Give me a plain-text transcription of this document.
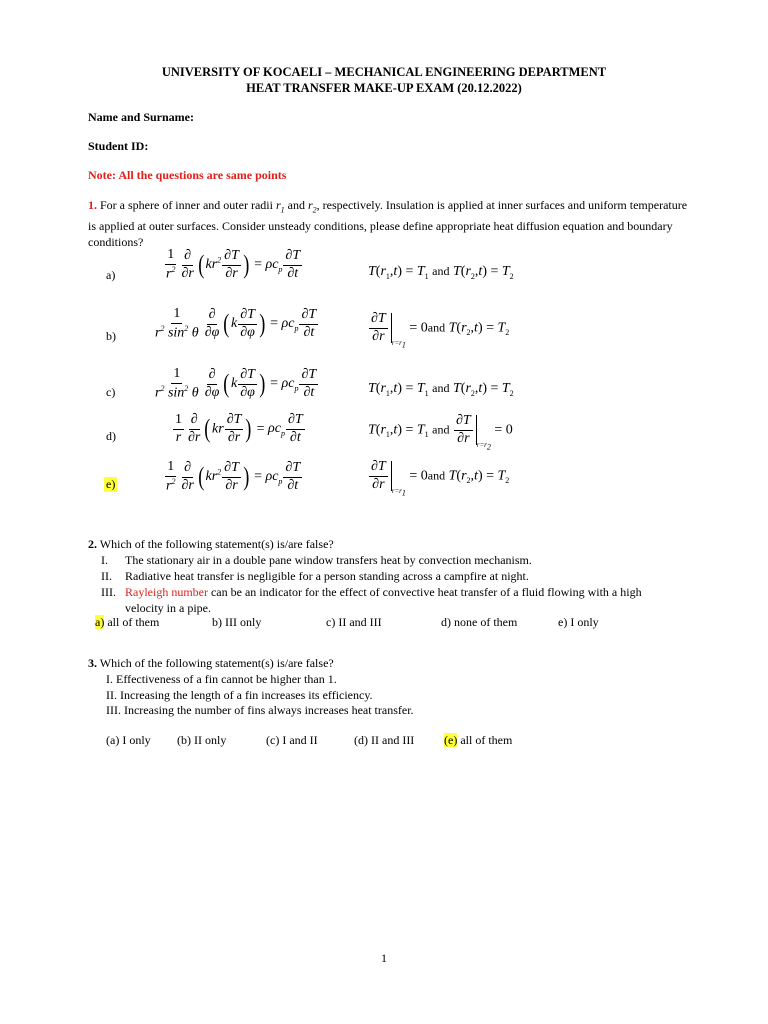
UNIVERSITY OF KOCAELI – MECHANICAL ENGINEERING DEPARTMENT
HEAT TRANSFER MAKE-UP EXAM (20.12.2022)
Name and Surname:
Student ID:
Note: All the questions are same points
1. For a sphere of inner and outer radii $r_1$ and $r_2$, respectively. Insulation is applied at inner surfaces and uniform temperature is applied at outer surfaces. Consider unsteady conditions, please define appropriate heat diffusion equation and boundary conditions?
a)	$\frac{1}{r^2} \frac{\partial}{\partial r} (kr^2 \frac{\partial T}{\partial r}$ ) = $\rho c_p \frac{\partial T}{\partial t}$	$T(r_1,t) = T_1$ and $T(r_2,t) = T_2$
b)	$\frac{1}{r^2 \sin^2 \theta} \frac{\partial}{\partial\varphi} (k \frac{\partial T}{\partial\varphi}$ ) = $\rho c_p \frac{\partial T}{\partial t}$	$\frac{\partial T}{\partial r} _{r=r_1} = 0and$ $T(r_2,t) = T_2$
c)	$\frac{1}{r^2 \sin^2 \theta} \frac{\partial}{\partial\varphi} (k \frac{\partial T}{\partial\varphi}$ ) = $\rho c_p \frac{\partial T}{\partial t}$	$T(r_1,t) = T_1$ and $T(r_2,t) = T_2$
d)	$\frac{1}{r} \frac{\partial}{\partial r} (kr \frac{\partial T}{\partial r}$ ) = $\rho c_p \frac{\partial T}{\partial t}$	$T(r_1,t) = T_1$ and $\frac{\partial T}{\partial r} _{r=r_2} = 0$
e)	$\frac{1}{r^2} \frac{\partial}{\partial r} (kr^2 \frac{\partial T}{\partial r}$ ) = $\rho c_p \frac{\partial T}{\partial t}$	$\frac{\partial T}{\partial r} _{r=r_1} = 0and$ $T(r_2,t) = T_2$
2. Which of the following statement(s) is/are false?
I. The stationary air in a double pane window transfers heat by convection mechanism.
II. Radiative heat transfer is negligible for a person standing across a campfire at night.
III. Rayleigh number can be an indicator for the effect of convective heat transfer of a fluid flowing with a high
velocity in a pipe.
a) all of them	b) III only	c) II and III	d) none of them	e) I only
3. Which of the following statement(s) is/are false?
I. Effectiveness of a fin cannot be higher than 1.
II. Increasing the length of a fin increases its efficiency.
III. Increasing the number of fins always increases heat transfer.
(a) I only (b) II only	(c) I and II	(d) II and III (e) all of them
1
